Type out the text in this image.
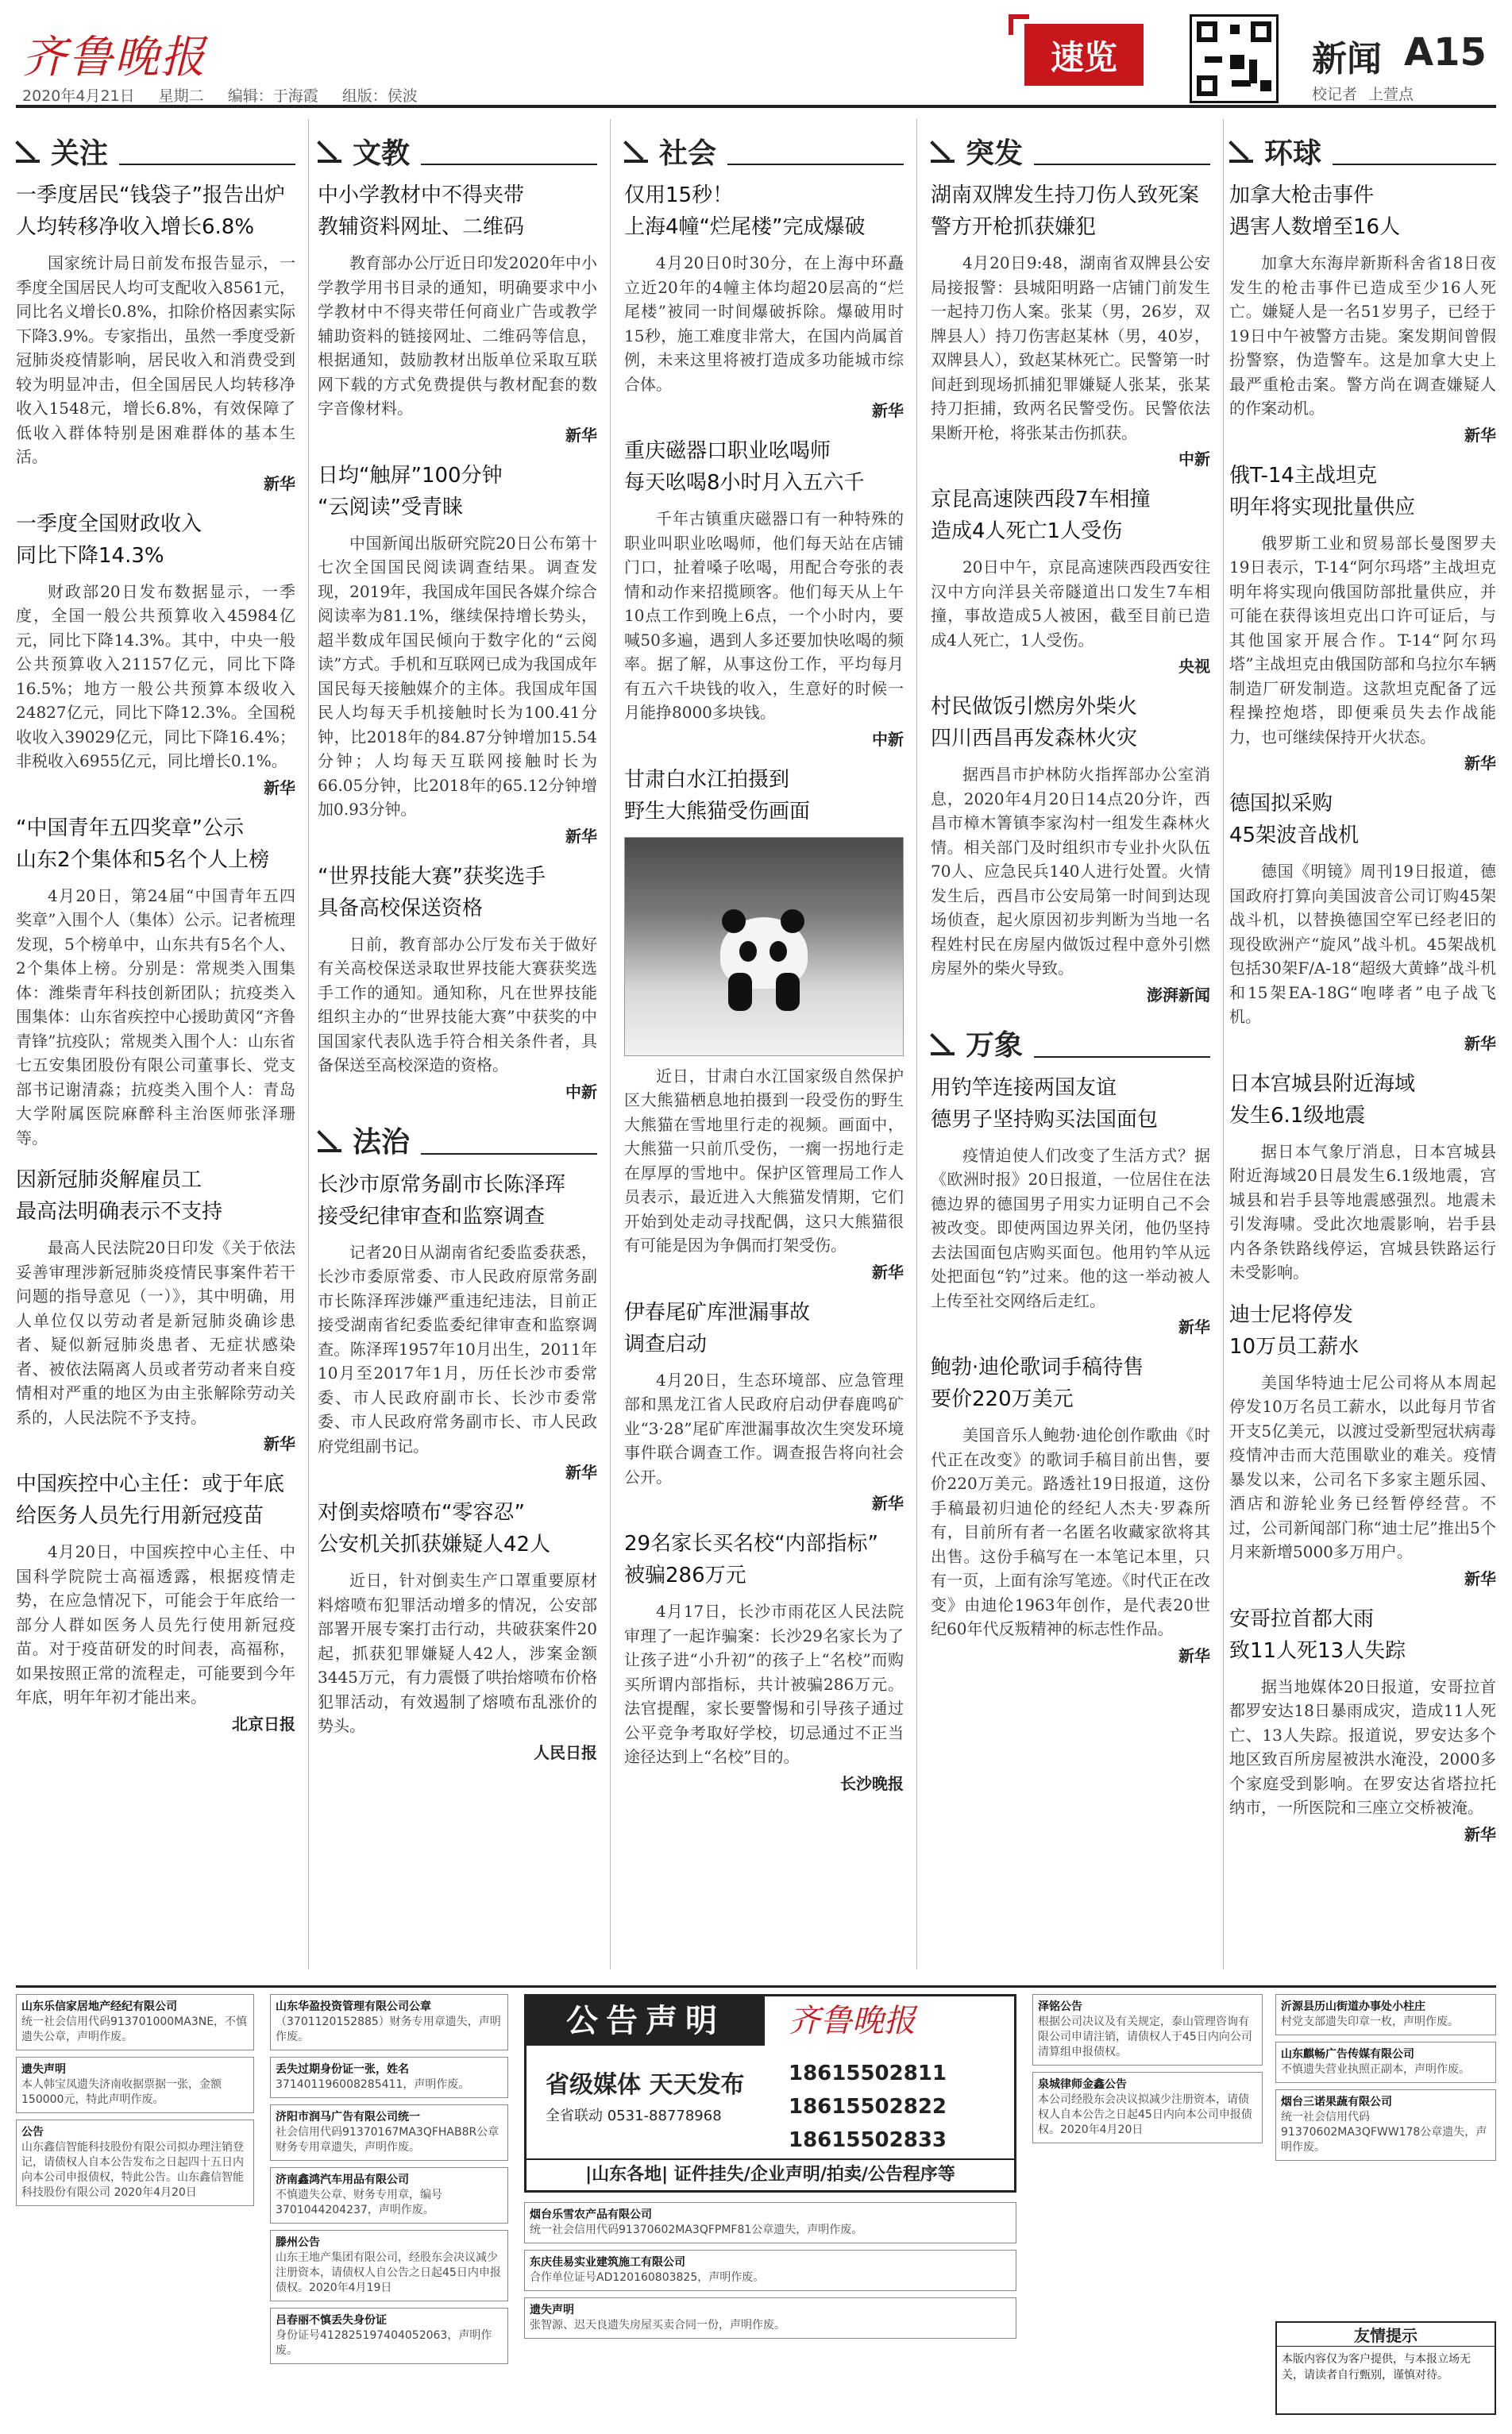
齐鲁晚报
2020年4月21日 星期二 编辑：于海霞 组版：侯波
速览	新闻 A15
校记者 上萱点
关注
一季度居民“钱袋子”报告出炉
人均转移净收入增长6.8%
国家统计局日前发布报告显示，一季度全国居民人均可支配收入8561元，同比名义增长0.8%，扣除价格因素实际下降3.9%。专家指出，虽然一季度受新冠肺炎疫情影响，居民收入和消费受到较为明显冲击，但全国居民人均转移净收入1548元，增长6.8%，有效保障了低收入群体特别是困难群体的基本生活。
新华
一季度全国财政收入
同比下降14.3%
财政部20日发布数据显示，一季度，全国一般公共预算收入45984亿元，同比下降14.3%。其中，中央一般公共预算收入21157亿元，同比下降16.5%；地方一般公共预算本级收入24827亿元，同比下降12.3%。全国税收收入39029亿元，同比下降16.4%；非税收入6955亿元，同比增长0.1%。
新华
“中国青年五四奖章”公示
山东2个集体和5名个人上榜
4月20日，第24届“中国青年五四奖章”入围个人（集体）公示。记者梳理发现，5个榜单中，山东共有5名个人、2个集体上榜。分别是：常规类入围集体：潍柴青年科技创新团队；抗疫类入围集体：山东省疾控中心援助黄冈“齐鲁青锋”抗疫队；常规类入围个人：山东省七五安集团股份有限公司董事长、党支部书记谢清淼；抗疫类入围个人：青岛大学附属医院麻醉科主治医师张泽珊等。
因新冠肺炎解雇员工
最高法明确表示不支持
最高人民法院20日印发《关于依法妥善审理涉新冠肺炎疫情民事案件若干问题的指导意见（一）》，其中明确，用人单位仅以劳动者是新冠肺炎确诊患者、疑似新冠肺炎患者、无症状感染者、被依法隔离人员或者劳动者来自疫情相对严重的地区为由主张解除劳动关系的，人民法院不予支持。
新华
中国疾控中心主任：或于年底
给医务人员先行用新冠疫苗
4月20日，中国疾控中心主任、中国科学院院士高福透露，根据疫情走势，在应急情况下，可能会于年底给一部分人群如医务人员先行使用新冠疫苗。对于疫苗研发的时间表，高福称，如果按照正常的流程走，可能要到今年年底，明年年初才能出来。
北京日报
文教
中小学教材中不得夹带
教辅资料网址、二维码
教育部办公厅近日印发2020年中小学教学用书目录的通知，明确要求中小学教材中不得夹带任何商业广告或教学辅助资料的链接网址、二维码等信息，根据通知，鼓励教材出版单位采取互联网下载的方式免费提供与教材配套的数字音像材料。
新华
日均“触屏”100分钟
“云阅读”受青睐
中国新闻出版研究院20日公布第十七次全国国民阅读调查结果。调查发现，2019年，我国成年国民各媒介综合阅读率为81.1%，继续保持增长势头，超半数成年国民倾向于数字化的“云阅读”方式。手机和互联网已成为我国成年国民每天接触媒介的主体。我国成年国民人均每天手机接触时长为100.41分钟，比2018年的84.87分钟增加15.54分钟；人均每天互联网接触时长为66.05分钟，比2018年的65.12分钟增加0.93分钟。
新华
“世界技能大赛”获奖选手
具备高校保送资格
日前，教育部办公厅发布关于做好有关高校保送录取世界技能大赛获奖选手工作的通知。通知称，凡在世界技能组织主办的“世界技能大赛”中获奖的中国国家代表队选手符合相关条件者，具备保送至高校深造的资格。
中新
法治
长沙市原常务副市长陈泽珲
接受纪律审查和监察调查
记者20日从湖南省纪委监委获悉，长沙市委原常委、市人民政府原常务副市长陈泽珲涉嫌严重违纪违法，目前正接受湖南省纪委监委纪律审查和监察调查。陈泽珲1957年10月出生，2011年10月至2017年1月，历任长沙市委常委、市人民政府副市长、长沙市委常委、市人民政府常务副市长、市人民政府党组副书记。
新华
对倒卖熔喷布“零容忍”
公安机关抓获嫌疑人42人
近日，针对倒卖生产口罩重要原材料熔喷布犯罪活动增多的情况，公安部部署开展专案打击行动，共破获案件20起，抓获犯罪嫌疑人42人，涉案金额3445万元，有力震慑了哄抬熔喷布价格犯罪活动，有效遏制了熔喷布乱涨价的势头。
人民日报
社会
仅用15秒！
上海4幢“烂尾楼”完成爆破
4月20日0时30分，在上海中环矗立近20年的4幢主体均超20层高的“烂尾楼”被同一时间爆破拆除。爆破用时15秒，施工难度非常大，在国内尚属首例，未来这里将被打造成多功能城市综合体。
新华
重庆磁器口职业吆喝师
每天吆喝8小时月入五六千
千年古镇重庆磁器口有一种特殊的职业叫职业吆喝师，他们每天站在店铺门口，扯着嗓子吆喝，用配合夸张的表情和动作来招揽顾客。他们每天从上午10点工作到晚上6点，一个小时内，要喊50多遍，遇到人多还要加快吆喝的频率。据了解，从事这份工作，平均每月有五六千块钱的收入，生意好的时候一月能挣8000多块钱。
中新
甘肃白水江拍摄到
野生大熊猫受伤画面
近日，甘肃白水江国家级自然保护区大熊猫栖息地拍摄到一段受伤的野生大熊猫在雪地里行走的视频。画面中，大熊猫一只前爪受伤，一瘸一拐地行走在厚厚的雪地中。保护区管理局工作人员表示，最近进入大熊猫发情期，它们开始到处走动寻找配偶，这只大熊猫很有可能是因为争偶而打架受伤。
新华
伊春尾矿库泄漏事故
调查启动
4月20日，生态环境部、应急管理部和黑龙江省人民政府启动伊春鹿鸣矿业“3·28”尾矿库泄漏事故次生突发环境事件联合调查工作。调查报告将向社会公开。
新华
29名家长买名校“内部指标”
被骗286万元
4月17日，长沙市雨花区人民法院审理了一起诈骗案：长沙29名家长为了让孩子进“小升初”的孩子上“名校”而购买所谓内部指标，共计被骗286万元。法官提醒，家长要警惕和引导孩子通过公平竞争考取好学校，切忌通过不正当途径达到上“名校”目的。
长沙晚报
突发
湖南双牌发生持刀伤人致死案
警方开枪抓获嫌犯
4月20日9:48，湖南省双牌县公安局接报警：县城阳明路一店铺门前发生一起持刀伤人案。张某（男，26岁，双牌县人）持刀伤害赵某林（男，40岁，双牌县人），致赵某林死亡。民警第一时间赶到现场抓捕犯罪嫌疑人张某，张某持刀拒捕，致两名民警受伤。民警依法果断开枪，将张某击伤抓获。
中新
京昆高速陕西段7车相撞
造成4人死亡1人受伤
20日中午，京昆高速陕西段西安往汉中方向洋县关帝隧道出口发生7车相撞，事故造成5人被困，截至目前已造成4人死亡，1人受伤。
央视
村民做饭引燃房外柴火
四川西昌再发森林火灾
据西昌市护林防火指挥部办公室消息，2020年4月20日14点20分许，西昌市樟木箐镇李家沟村一组发生森林火情。相关部门及时组织市专业扑火队伍70人、应急民兵140人进行处置。火情发生后，西昌市公安局第一时间到达现场侦查，起火原因初步判断为当地一名程姓村民在房屋内做饭过程中意外引燃房屋外的柴火导致。
澎湃新闻
万象
用钓竿连接两国友谊
德男子坚持购买法国面包
疫情迫使人们改变了生活方式？据《欧洲时报》20日报道，一位居住在法德边界的德国男子用实力证明自己不会被改变。即使两国边界关闭，他仍坚持去法国面包店购买面包。他用钓竿从远处把面包“钓”过来。他的这一举动被人上传至社交网络后走红。
新华
鲍勃·迪伦歌词手稿待售
要价220万美元
美国音乐人鲍勃·迪伦创作歌曲《时代正在改变》的歌词手稿目前出售，要价220万美元。路透社19日报道，这份手稿最初归迪伦的经纪人杰夫·罗森所有，目前所有者一名匿名收藏家欲将其出售。这份手稿写在一本笔记本里，只有一页，上面有涂写笔迹。《时代正在改变》由迪伦1963年创作，是代表20世纪60年代反叛精神的标志性作品。
新华
环球
加拿大枪击事件
遇害人数增至16人
加拿大东海岸新斯科舍省18日夜发生的枪击事件已造成至少16人死亡。嫌疑人是一名51岁男子，已经于19日中午被警方击毙。案发期间曾假扮警察，伪造警车。这是加拿大史上最严重枪击案。警方尚在调查嫌疑人的作案动机。
新华
俄T-14主战坦克
明年将实现批量供应
俄罗斯工业和贸易部长曼图罗夫19日表示，T-14“阿尔玛塔”主战坦克明年将实现向俄国防部批量供应，并可能在获得该坦克出口许可证后，与其他国家开展合作。T-14“阿尔玛塔”主战坦克由俄国防部和乌拉尔车辆制造厂研发制造。这款坦克配备了远程操控炮塔，即便乘员失去作战能力，也可继续保持开火状态。
新华
德国拟采购
45架波音战机
德国《明镜》周刊19日报道，德国政府打算向美国波音公司订购45架战斗机，以替换德国空军已经老旧的现役欧洲产“旋风”战斗机。45架战机包括30架F/A-18“超级大黄蜂”战斗机和15架EA-18G“咆哮者”电子战飞机。
新华
日本宫城县附近海域
发生6.1级地震
据日本气象厅消息，日本宫城县附近海域20日晨发生6.1级地震，宫城县和岩手县等地震感强烈。地震未引发海啸。受此次地震影响，岩手县内各条铁路线停运，宫城县铁路运行未受影响。
迪士尼将停发
10万员工薪水
美国华特迪士尼公司将从本周起停发10万名员工薪水，以此每月节省开支5亿美元，以渡过受新型冠状病毒疫情冲击而大范围歇业的难关。疫情暴发以来，公司名下多家主题乐园、酒店和游轮业务已经暂停经营。不过，公司新闻部门称“迪士尼”推出5个月来新增5000多万用户。
新华
安哥拉首都大雨
致11人死13人失踪
据当地媒体20日报道，安哥拉首都罗安达18日暴雨成灾，造成11人死亡、13人失踪。报道说，罗安达多个地区致百所房屋被洪水淹没，2000多个家庭受到影响。在罗安达省塔拉托纳市，一所医院和三座立交桥被淹。
新华
山东乐信家居地产经纪有限公司
统一社会信用代码913701000MA3NE，不慎遗失公章，声明作废。
遗失声明
本人韩宝凤遗失济南收据票据一张，金额150000元，特此声明作废。
公告
山东鑫信智能科技股份有限公司拟办理注销登记，请债权人自本公告发布之日起四十五日内向本公司申报债权，特此公告。山东鑫信智能科技股份有限公司 2020年4月20日
山东华盈投资管理有限公司公章
（3701120152885）财务专用章遗失，声明作废。
丢失过期身份证一张，姓名
371401196008285411，声明作废。
济阳市润马广告有限公司统一
社会信用代码91370167MA3QFHAB8R公章财务专用章遗失，声明作废。
济南鑫鸿汽车用品有限公司
不慎遗失公章、财务专用章，编号3701044204237，声明作废。
滕州公告
山东王地产集团有限公司，经股东会决议减少注册资本，请债权人自公告之日起45日内申报债权。2020年4月19日
吕春丽不慎丢失身份证
身份证号412825197404052063，声明作废。
烟台乐雪农产品有限公司
统一社会信用代码91370602MA3QFPMF81公章遗失，声明作废。
东庆佳易实业建筑施工有限公司
合作单位证号AD120160803825，声明作废。
遗失声明
张智源、迟天良遗失房屋买卖合同一份，声明作废。
泽铭公告
根据公司决议及有关规定，泰山管理咨询有限公司申请注销，请债权人于45日内向公司清算组申报债权。
泉城律师金鑫公告
本公司经股东会决议拟减少注册资本，请债权人自本公告之日起45日内向本公司申报债权。2020年4月20日
沂源县历山街道办事处小柱庄
村党支部遗失印章一枚，声明作废。
山东麒畅广告传媒有限公司
不慎遗失营业执照正副本，声明作废。
烟台三诺果蔬有限公司
统一社会信用代码91370602MA3QFWW178公章遗失，声明作废。
公告声明	齐鲁晚报
省级媒体 天天发布
全省联动 0531-88778968
18615502811
18615502822
18615502833
|山东各地| 证件挂失/企业声明/拍卖/公告程序等
友情提示
本版内容仅为客户提供，与本报立场无关，请读者自行甄别，谨慎对待。
